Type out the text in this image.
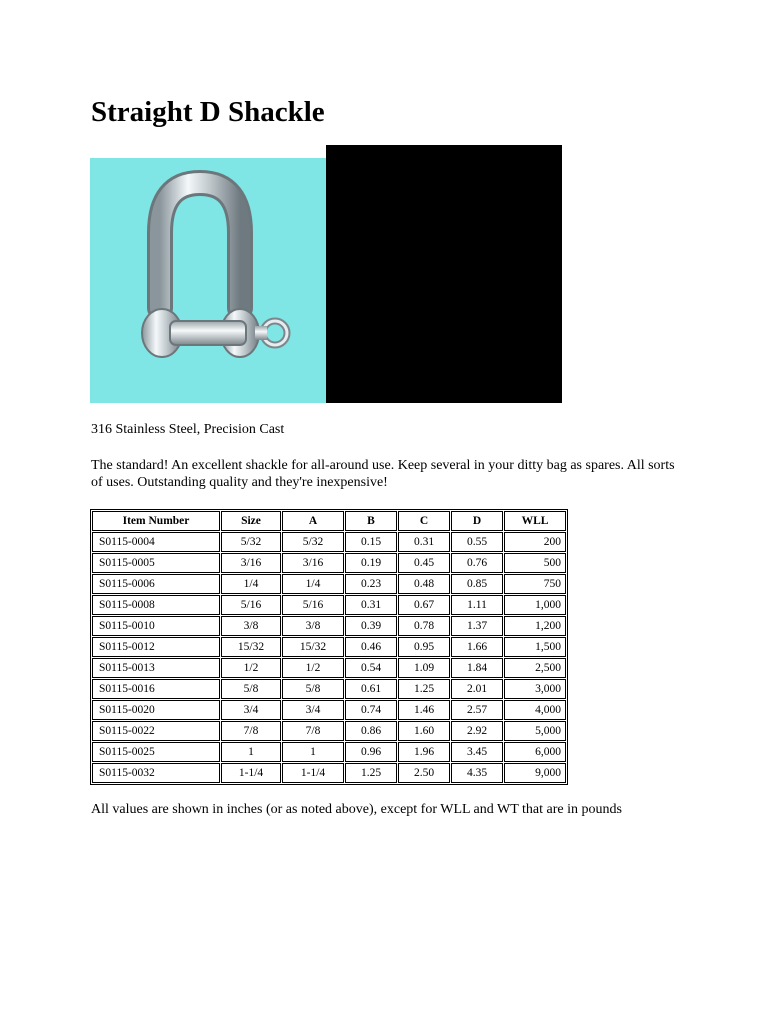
Straight D Shackle

316 Stainless Steel, Precision Cast

The standard! An excellent shackle for all-around use. Keep several in your ditty bag as spares. All sorts of uses. Outstanding quality and they're inexpensive!

Item Number	Size	A	B	C	D	WLL
S0115-0004	5/32	5/32	0.15	0.31	0.55	200
S0115-0005	3/16	3/16	0.19	0.45	0.76	500
S0115-0006	1/4	1/4	0.23	0.48	0.85	750
S0115-0008	5/16	5/16	0.31	0.67	1.11	1,000
S0115-0010	3/8	3/8	0.39	0.78	1.37	1,200
S0115-0012	15/32	15/32	0.46	0.95	1.66	1,500
S0115-0013	1/2	1/2	0.54	1.09	1.84	2,500
S0115-0016	5/8	5/8	0.61	1.25	2.01	3,000
S0115-0020	3/4	3/4	0.74	1.46	2.57	4,000
S0115-0022	7/8	7/8	0.86	1.60	2.92	5,000
S0115-0025	1	1	0.96	1.96	3.45	6,000
S0115-0032	1-1/4	1-1/4	1.25	2.50	4.35	9,000

All values are shown in inches (or as noted above), except for WLL and WT that are in pounds
